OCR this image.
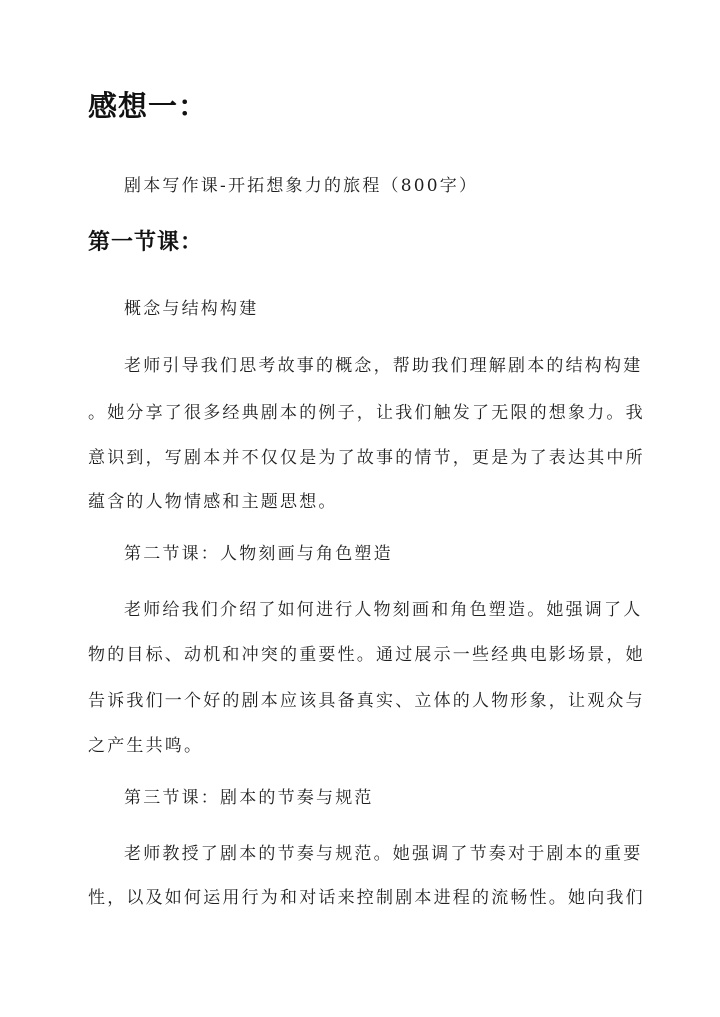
感想一：
剧本写作课-开拓想象力的旅程（800字）
第一节课：
概念与结构构建
老师引导我们思考故事的概念，帮助我们理解剧本的结构构建
。她分享了很多经典剧本的例子，让我们触发了无限的想象力。我
意识到，写剧本并不仅仅是为了故事的情节，更是为了表达其中所
蕴含的人物情感和主题思想。
第二节课：人物刻画与角色塑造
老师给我们介绍了如何进行人物刻画和角色塑造。她强调了人
物的目标、动机和冲突的重要性。通过展示一些经典电影场景，她
告诉我们一个好的剧本应该具备真实、立体的人物形象，让观众与
之产生共鸣。
第三节课：剧本的节奏与规范
老师教授了剧本的节奏与规范。她强调了节奏对于剧本的重要
性，以及如何运用行为和对话来控制剧本进程的流畅性。她向我们
